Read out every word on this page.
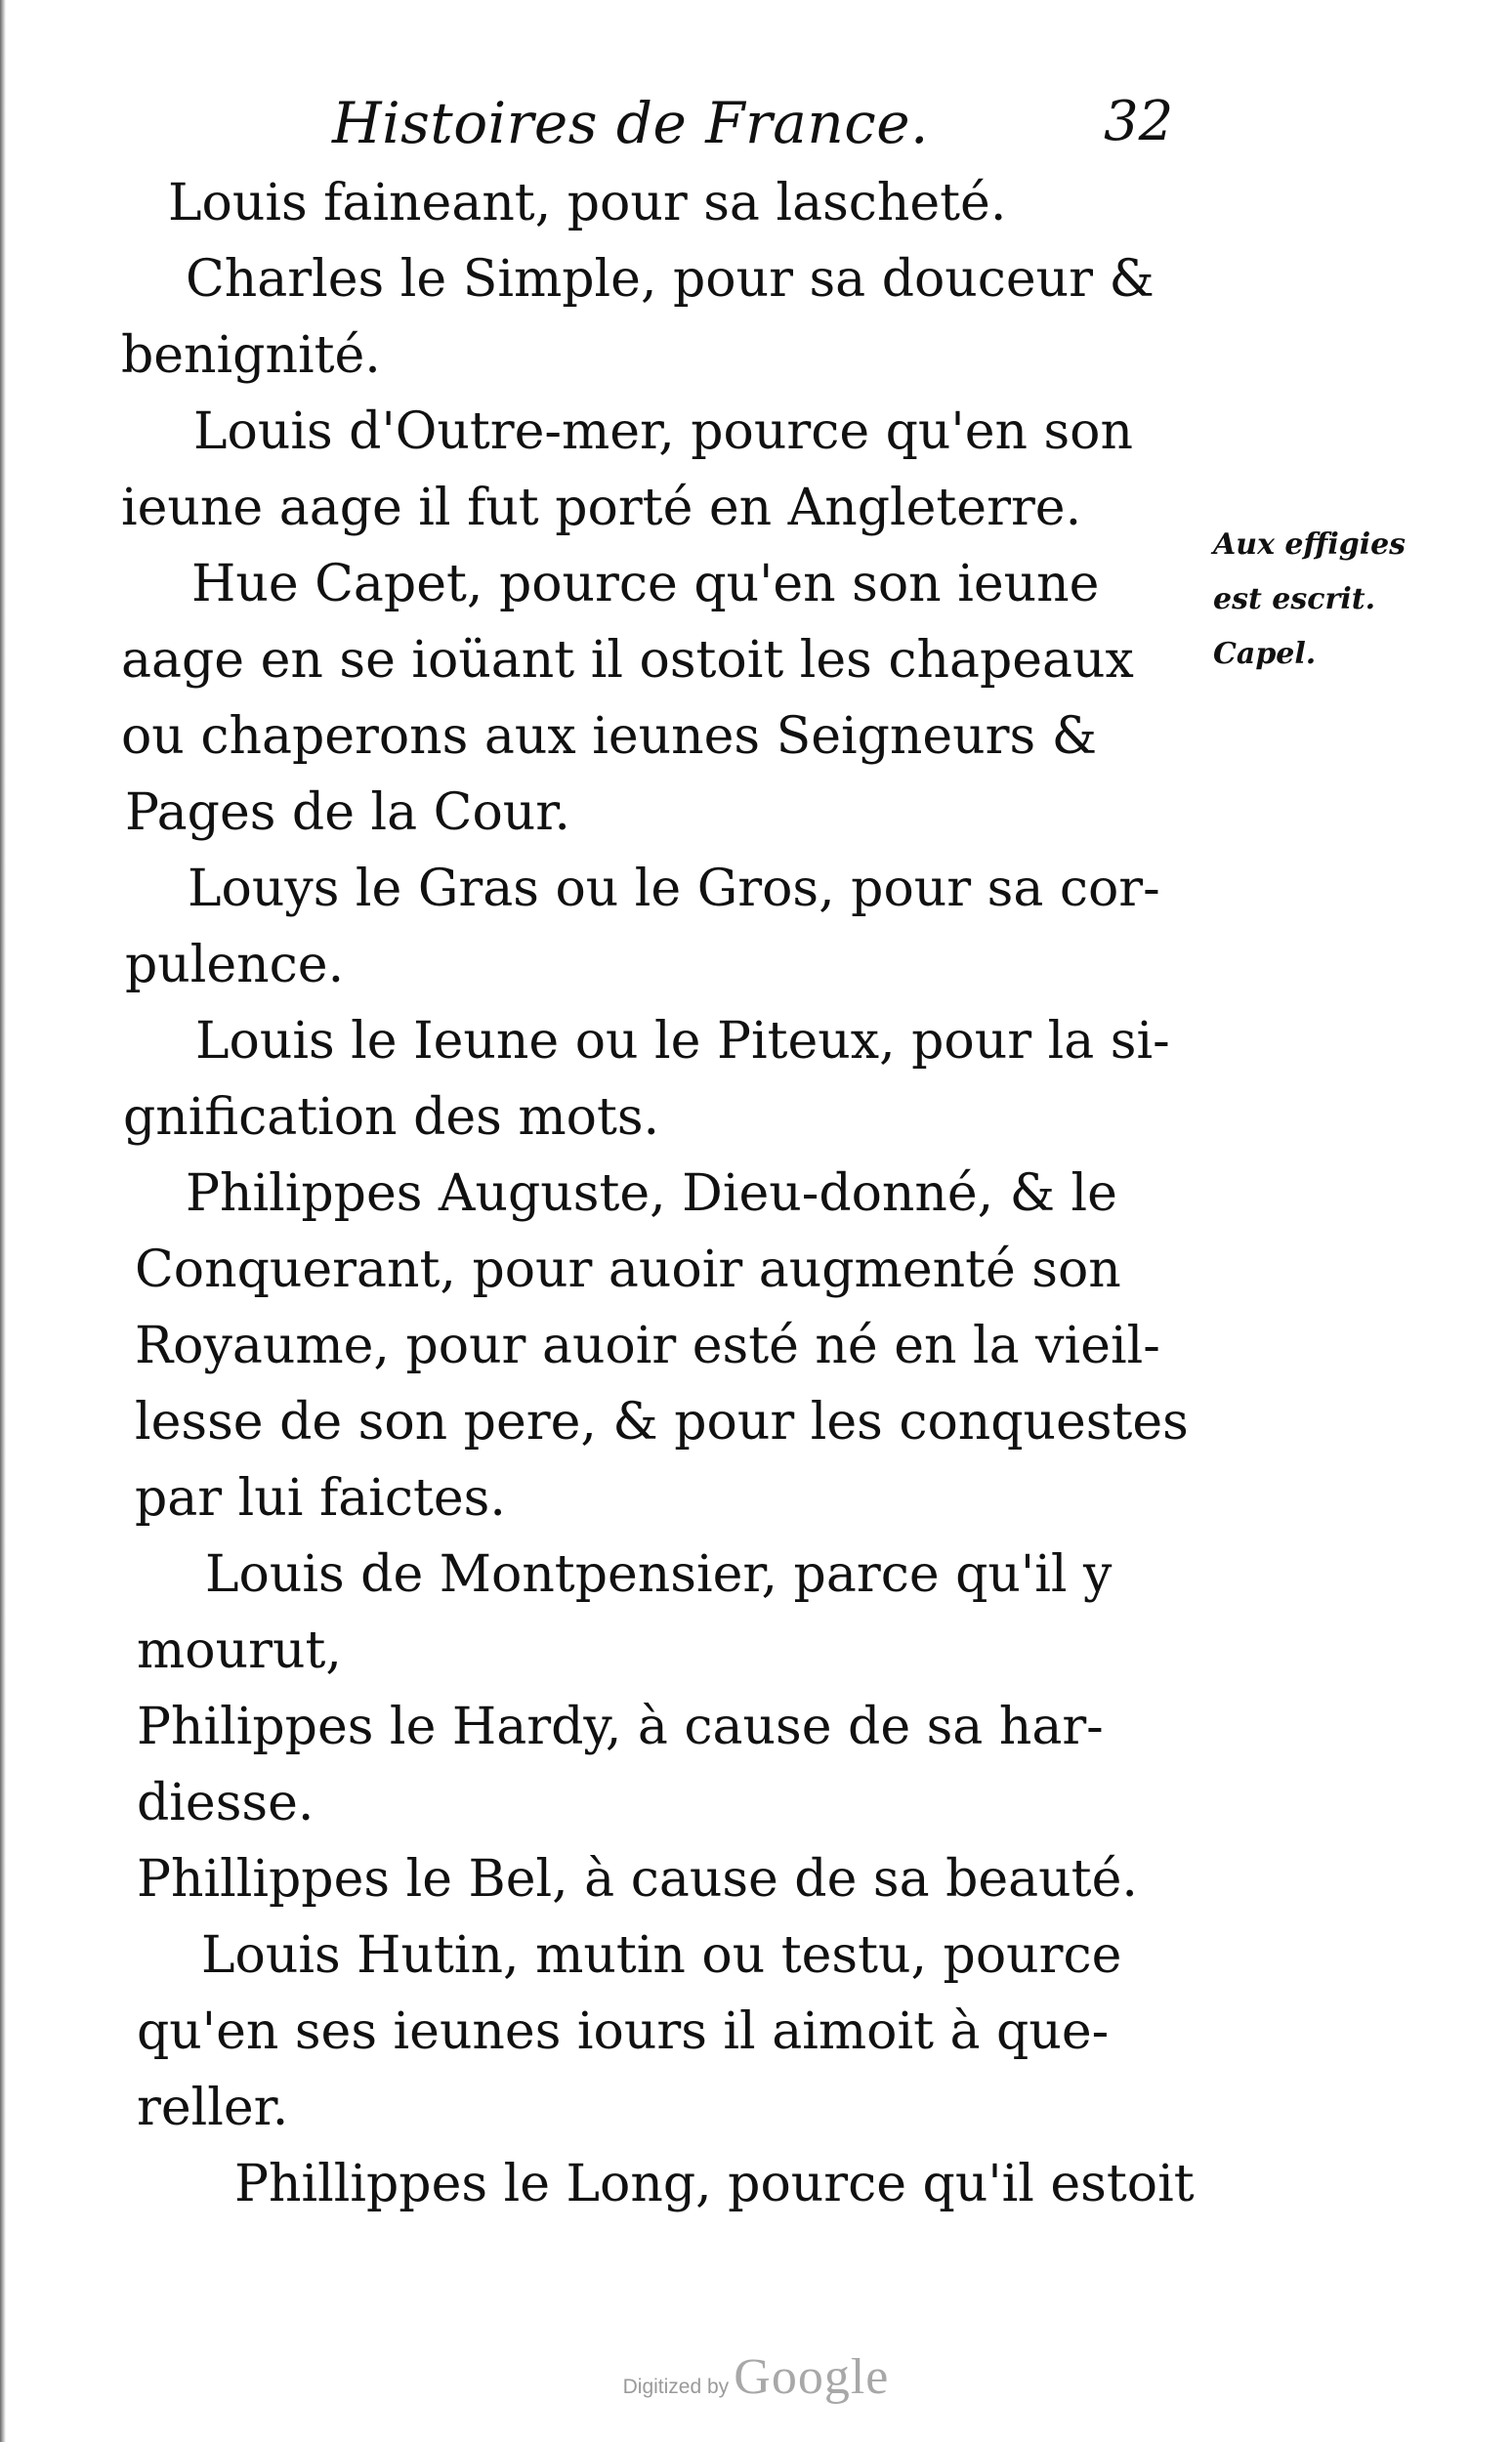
Histoires de France.	32
Louis faineant, pour sa lascheté.
Charles le Simple, pour sa douceur &
benignité.
Louis d'Outre-mer, pource qu'en son
ieune aage il fut porté en Angleterre.
Hue Capet, pource qu'en son ieune
aage en se ioüant il ostoit les chapeaux
ou chaperons aux ieunes Seigneurs &
Pages de la Cour.
Louys le Gras ou le Gros, pour sa cor-
pulence.
Louis le Ieune ou le Piteux, pour la si-
gnification des mots.
Philippes Auguste, Dieu-donné, & le
Conquerant, pour auoir augmenté son
Royaume, pour auoir esté né en la vieil-
lesse de son pere, & pour les conquestes
par lui faictes.
Louis de Montpensier, parce qu'il y
mourut,
Philippes le Hardy, à cause de sa har-
diesse.
Phillippes le Bel, à cause de sa beauté.
Louis Hutin, mutin ou testu, pource
qu'en ses ieunes iours il aimoit à que-
reller.
Phillippes le Long, pource qu'il estoit
Aux effigies
est escrit.
Capel.
Digitized by Google
